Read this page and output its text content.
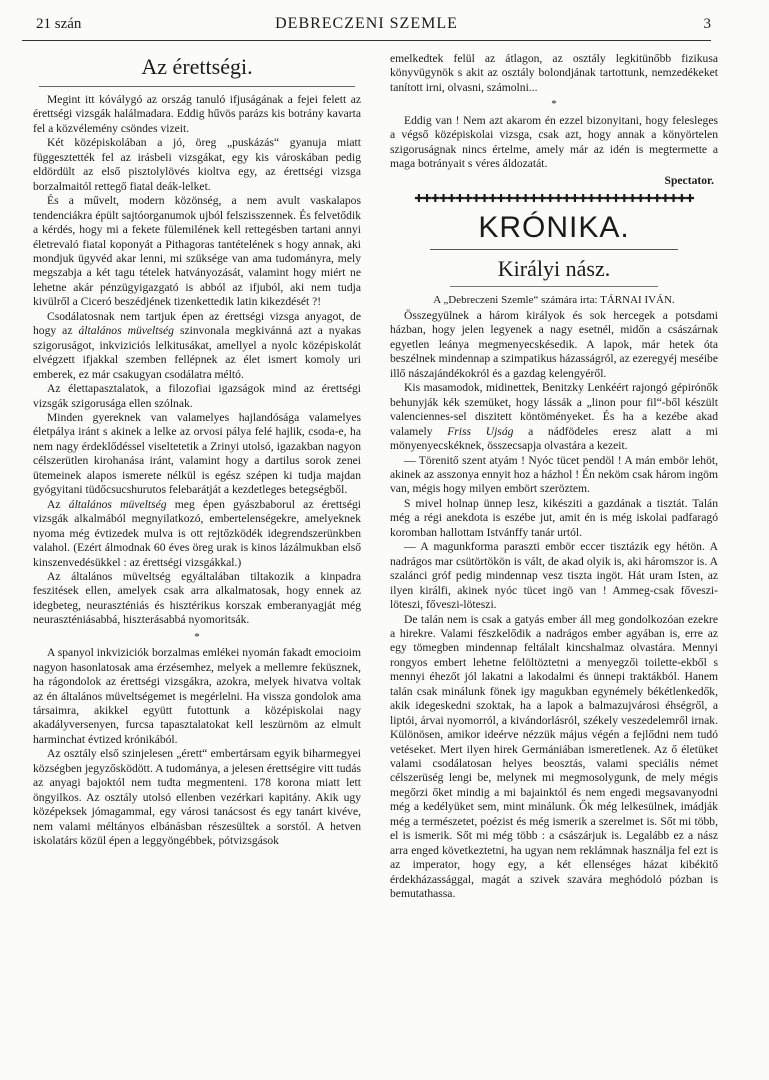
21 szán	DEBRECZENI SZEMLE	3
Az érettségi.

Megint itt kóválygó az ország tanuló ifjuságának a fejei felett az érettségi vizsgák halálmadara. Eddig hűvös parázs kis botrány kavarta fel a közvélemény csöndes vizeit.

Két középiskolában a jó, öreg „puskázás“ gyanuja miatt függesztették fel az irásbeli vizsgákat, egy kis városkában pedig eldördült az első pisztolylövés kioltva egy, az érettségi vizsga borzalmaitól rettegő fiatal deák-lelket.

És a művelt, modern közönség, a nem avult vaskalapos tendenciákra épült sajtóorganumok ujból felszisszennek. És felvetődik a kérdés, hogy mi a fekete fülemilének kell rettegésben tartani annyi életrevaló fiatal koponyát a Pithagoras tantételének s hogy annak, aki mondjuk ügyvéd akar lenni, mi szüksége van ama tudományra, mely megszabja a két tagu tételek hatványozását, valamint hogy miért ne lehetne akár pénzügyigazgató is abból az ifjuból, aki nem tudja kivülről a Ciceró beszédjének tizenkettedik latin kikezdését ?!

Csodálatosnak nem tartjuk épen az érettségi vizsga anyagot, de hogy az általános müveltség szinvonala megkivánná azt a nyakas szigoruságot, inkviziciós lelkitusákat, amellyel a nyolc középiskolát elvégzett ifjakkal szemben fellépnek az élet ismert komoly uri emberek, ez már csakugyan csodálatra méltó.

Az élettapasztalatok, a filozofiai igazságok mind az érettségi vizsgák szigorusága ellen szólnak.

Minden gyereknek van valamelyes hajlandósága valamelyes életpálya iránt s akinek a lelke az orvosi pálya felé hajlik, csoda-e, ha nem nagy érdeklődéssel viseltetetik a Zrinyi utolsó, igazakban nagyon célszerütlen kirohanása iránt, valamint hogy a dartilus sorok zenei ütemeinek alapos ismerete nélkül is egész szépen ki tudja majdan gyógyitani tüdőcsucshurutos felebarátját a kezdetleges betegségből.

Az általános müveltség meg épen gyászbaborul az érettségi vizsgák alkalmából megnyilatkozó, embertelenségekre, amelyeknek nyoma még évtizedek mulva is ott rejtőzködék idegrendszerünkben valahol. (Ezért álmodnak 60 éves öreg urak is kinos lázálmukban első kinszenvedésükkel : az érettségi vizsgákkal.)

Az általános müveltség egyáltalában tiltakozik a kinpadra feszitések ellen, amelyek csak arra alkalmatosak, hogy ennek az idegbeteg, neuraszténiás és hisztérikus korszak emberanyagját még neuraszténiásabbá, hiszterásabbá nyomoritsák.

*

A spanyol inkviziciók borzalmas emlékei nyomán fakadt emocioim nagyon hasonlatosak ama érzésemhez, melyek a mellemre feküsznek, ha rágondolok az érettségi vizsgákra, azokra, melyek hivatva voltak az én általános müveltségemet is megérlelni. Ha vissza gondolok ama társaimra, akikkel együtt futottunk a középiskolai nagy akadályversenyen, furcsa tapasztalatokat kell leszürnöm az elmult harminchat évtized krónikából.

Az osztály első szinjelesen „érett“ embertársam egyik biharmegyei községben jegyzősködött. A tudománya, a jelesen érettségire vitt tudás az anyagi bajoktól nem tudta megmenteni. 178 korona miatt lett öngyilkos. Az osztály utolsó ellenben vezérkari kapitány. Akik ugy középeksek jómagammal, egy városi tanácsost és egy tanárt kivéve, nem valami méltányos elbánásban részesültek a sorstól. A hetven iskolatárs közül épen a leggyöngébbek, pótvizsgások

emelkedtek felül az átlagon, az osztály legkitünőbb fizikusa könyvügynök s akit az osztály bolondjának tartottunk, nemzedékeket tanított irni, olvasni, számolni...

*

Eddig van ! Nem azt akarom én ezzel bizonyitani, hogy felesleges a végső középiskolai vizsga, csak azt, hogy annak a könyörtelen szigoruságnak nincs értelme, amely már az idén is megtermette a maga botrányait s véres áldozatát.

Spectator.
✚✚✚✚✚✚✚✚✚✚✚✚✚✚✚✚✚✚✚✚✚✚✚✚✚✚✚✚✚✚✚✚✚✚
KRÓNIKA.
Királyi nász.
A „Debreczeni Szemle“ számára irta: TÁRNAI IVÁN.

Összegyülnek a három királyok és sok hercegek a potsdami házban, hogy jelen legyenek a nagy esetnél, midőn a császárnak egyetlen leánya megmenyecskésedik. A lapok, már hetek óta beszélnek mindennap a szimpatikus házasságról, az ezeregyéj meséibe illő nászajándékokról és a gazdag kelengyéről.

Kis masamodok, midinettek, Benitzky Lenkéért rajongó gépirónők behunyják kék szemüket, hogy lássák a „linon pour fil“-ből készült valenciennes-sel diszitett köntöményeket. És ha a kezébe akad valamely Friss Ujság a nádfödeles eresz alatt a mi mönyenyecskéknek, összecsapja olvastára a kezeit.

— Törenitő szent atyám ! Nyóc tücet pendöl ! A mán embör lehöt, akinek az asszonya ennyit hoz a házhol ! Én neköm csak három ingöm van, mégis hogy milyen embört szeröztem.

S mivel holnap ünnep lesz, kikésziti a gazdának a tisztát. Talán még a régi anekdota is eszébe jut, amit én is még iskolai padfaragó koromban hallottam Istvánffy tanár urtól.

— A magunkforma paraszti embör eccer tisztázik egy hétön. A nadrágos mar csütörtökön is vált, de akad olyik is, aki háromszor is. A szalánci gróf pedig mindennap vesz tiszta ingöt. Hát uram Isten, az ilyen királfi, akinek nyóc tücet ingö van ! Ammeg-csak főveszi-löteszi, főveszi-löteszi.

De talán nem is csak a gatyás ember áll meg gondolkozóan ezekre a hirekre. Valami fészkelődik a nadrágos ember agyában is, erre az egy tömegben mindennap feltálalt kincshalmaz olvastára. Mennyi rongyos embert lehetne felöltöztetni a menyegzői toilette-ekből s mennyi éhezőt jól lakatni a lakodalmi és ünnepi traktákból. Hanem talán csak minálunk fönek igy magukban egynémely békétlenkedők, akik idegeskedni szoktak, ha a lapok a balmazujvárosi éhségről, a liptói, árvai nyomorról, a kivándorlásról, székely veszedelemről irnak. Különösen, amikor ideérve nézzük május végén a fejlődni nem tudó vetéseket. Mert ilyen hirek Germániában ismeretlenek. Az ő életüket valami csodálatosan helyes beosztás, valami speciális német célszerüség lengi be, melynek mi megmosolygunk, de mely mégis megőrzi őket mindig a mi bajainktól és nem engedi megsavanyodni még a kedélyüket sem, mint minálunk. Ők még lelkesülnek, imádják még a természetet, poézist és még ismerik a szerelmet is. Sőt mi több, el is ismerik. Sőt mi még több : a császárjuk is. Legalább ez a nász arra enged következtetni, ha ugyan nem reklámnak használja fel ezt is az imperator, hogy egy, a két ellenséges házat kibékitő érdekházassággal, magát a szivek szavára meghódoló pózban is bemutathassa.
